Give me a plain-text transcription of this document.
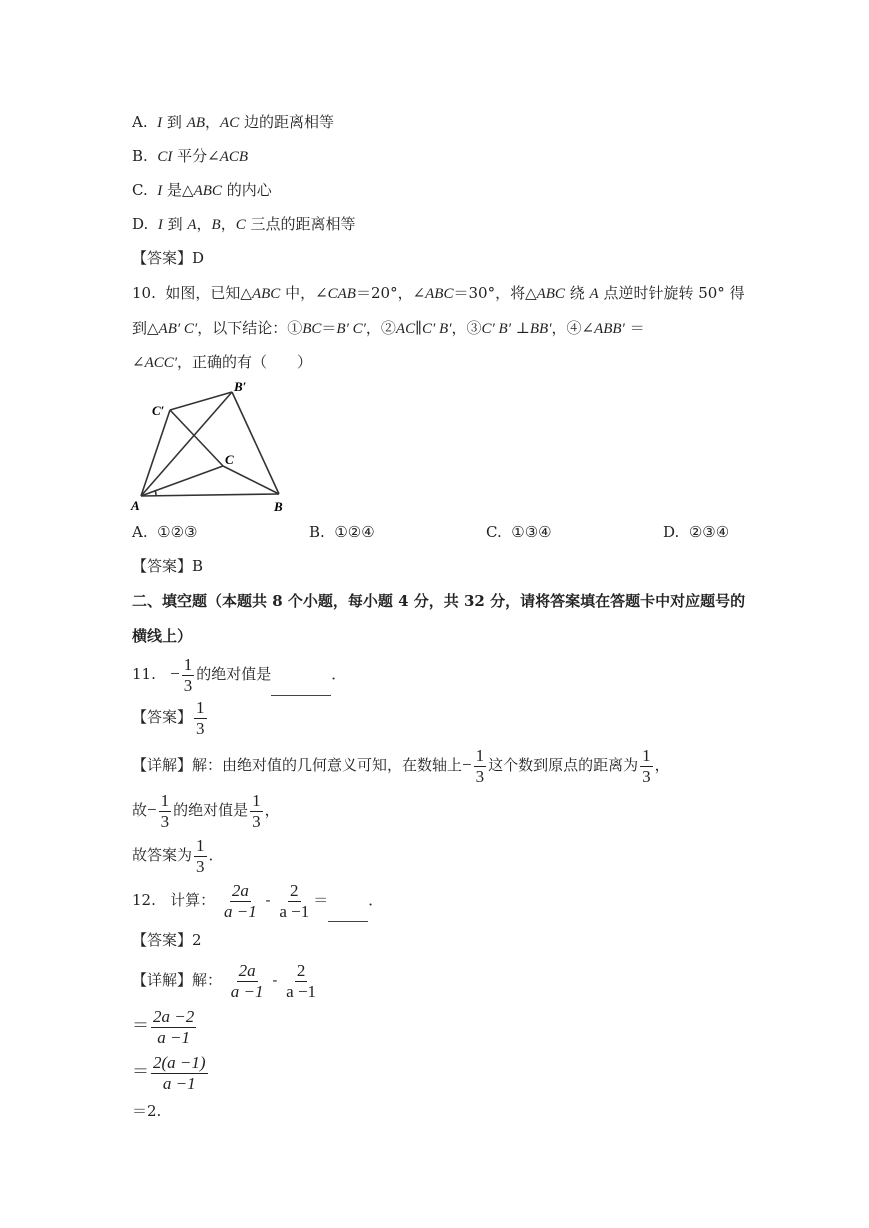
A. I 到 AB，AC 边的距离相等
B. CI 平分∠ACB
C. I 是△ABC 的内心
D. I 到 A，B，C 三点的距离相等
【答案】D
10. 如图，已知△ABC 中，∠CAB＝20°，∠ABC＝30°，将△ABC 绕 A 点逆时针旋转 50° 得
到△AB′ C′，以下结论：①BC＝B′ C′，②AC∥C′ B′，③C′ B′ ⊥BB′，④∠ABB′ ＝
∠ACC′，正确的有（　　）
A	B
C
B′
C′
A. ①②③	B. ①②④	C. ①③④	D. ②③④
【答案】B
二、填空题（本题共 8 个小题，每小题 4 分，共 32 分，请将答案填在答题卡中对应题号的
横线上）
11. − $\frac{1}{3}$ 的绝对值是	．
【答案】 $\frac{1}{3}$
【详解】解：由绝对值的几何意义可知，在数轴上− $\frac{1}{3}$ 这个数到原点的距离为 $\frac{1}{3}$ ，
故− $\frac{1}{3}$ 的绝对值是 $\frac{1}{3}$ ，
故答案为 $\frac{1}{3}$ ．
12. 计算： $\frac{2a}{a -1} - \frac{2}{a -1}$ ＝	．
【答案】2
【详解】解： $\frac{2a}{a -1} - \frac{2}{a -1}$
＝ $\frac{2a -2}{a -1}$
＝ $\frac{2(a -1)}{a -1}$
＝2.
